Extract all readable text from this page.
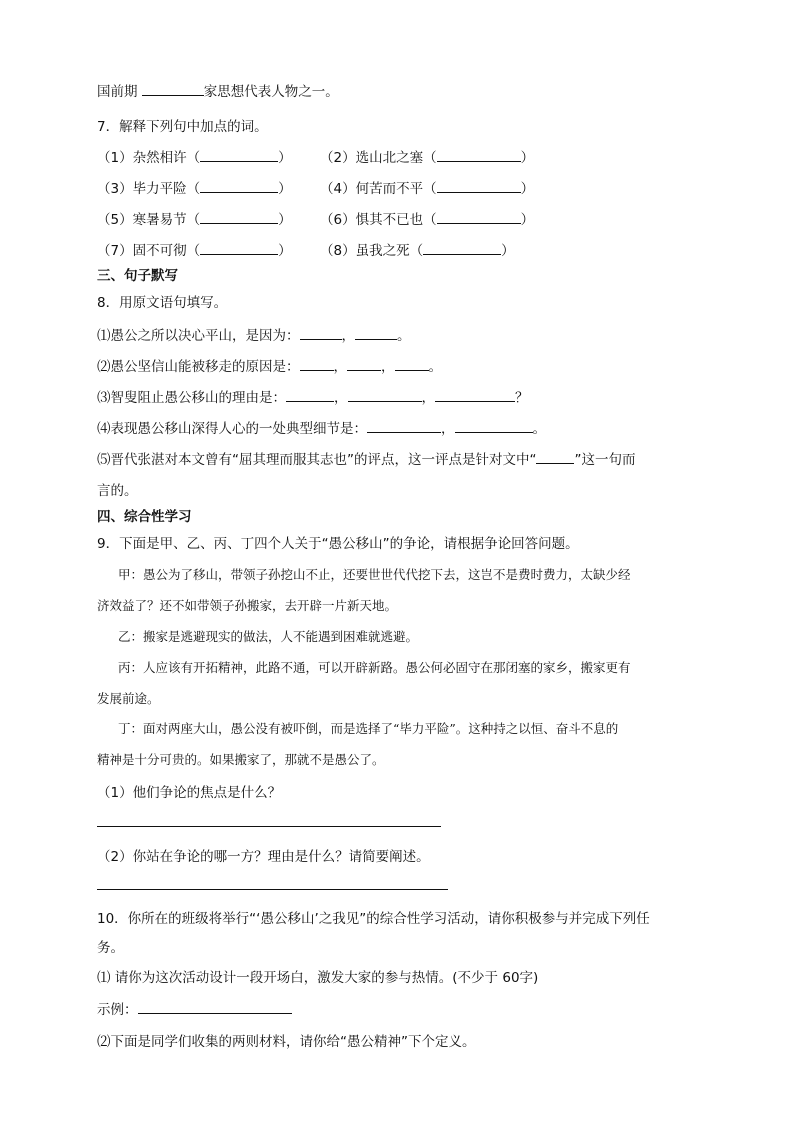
国前期	家思想代表人物之一。
7．解释下列句中加点的词。
（1）杂然相许（	） （2）选山北之塞（	）
（3）毕力平险（	） （4）何苦而不平（	）
（5）寒暑易节（	） （6）惧其不已也（	）
（7）固不可彻（	） （8）虽我之死（	）
三、句子默写
8．用原文语句填写。
⑴愚公之所以决心平山，是因为：	，	。
⑵愚公坚信山能被移走的原因是：	，	，	。
⑶智叟阻止愚公移山的理由是：	，	，	？
⑷表现愚公移山深得人心的一处典型细节是：	，	。
⑸晋代张湛对本文曾有“屈其理而服其志也”的评点，这一评点是针对文中“	”这一句而
言的。
四、综合性学习
9．下面是甲、乙、丙、丁四个人关于“愚公移山”的争论，请根据争论回答问题。
甲：愚公为了移山，带领子孙挖山不止，还要世世代代挖下去，这岂不是费时费力，太缺少经
济效益了？还不如带领子孙搬家，去开辟一片新天地。
乙：搬家是逃避现实的做法，人不能遇到困难就逃避。
丙：人应该有开拓精神，此路不通，可以开辟新路。愚公何必固守在那闭塞的家乡，搬家更有
发展前途。
丁：面对两座大山，愚公没有被吓倒，而是选择了“毕力平险”。这种持之以恒、奋斗不息的
精神是十分可贵的。如果搬家了，那就不是愚公了。
（1）他们争论的焦点是什么？
（2）你站在争论的哪一方？理由是什么？请简要阐述。
10．你所在的班级将举行“‘愚公移山’之我见”的综合性学习活动，请你积极参与并完成下列任
务。
⑴ 请你为这次活动设计一段开场白，激发大家的参与热情。(不少于 60字)
示例：
⑵下面是同学们收集的两则材料，请你给“愚公精神”下个定义。
